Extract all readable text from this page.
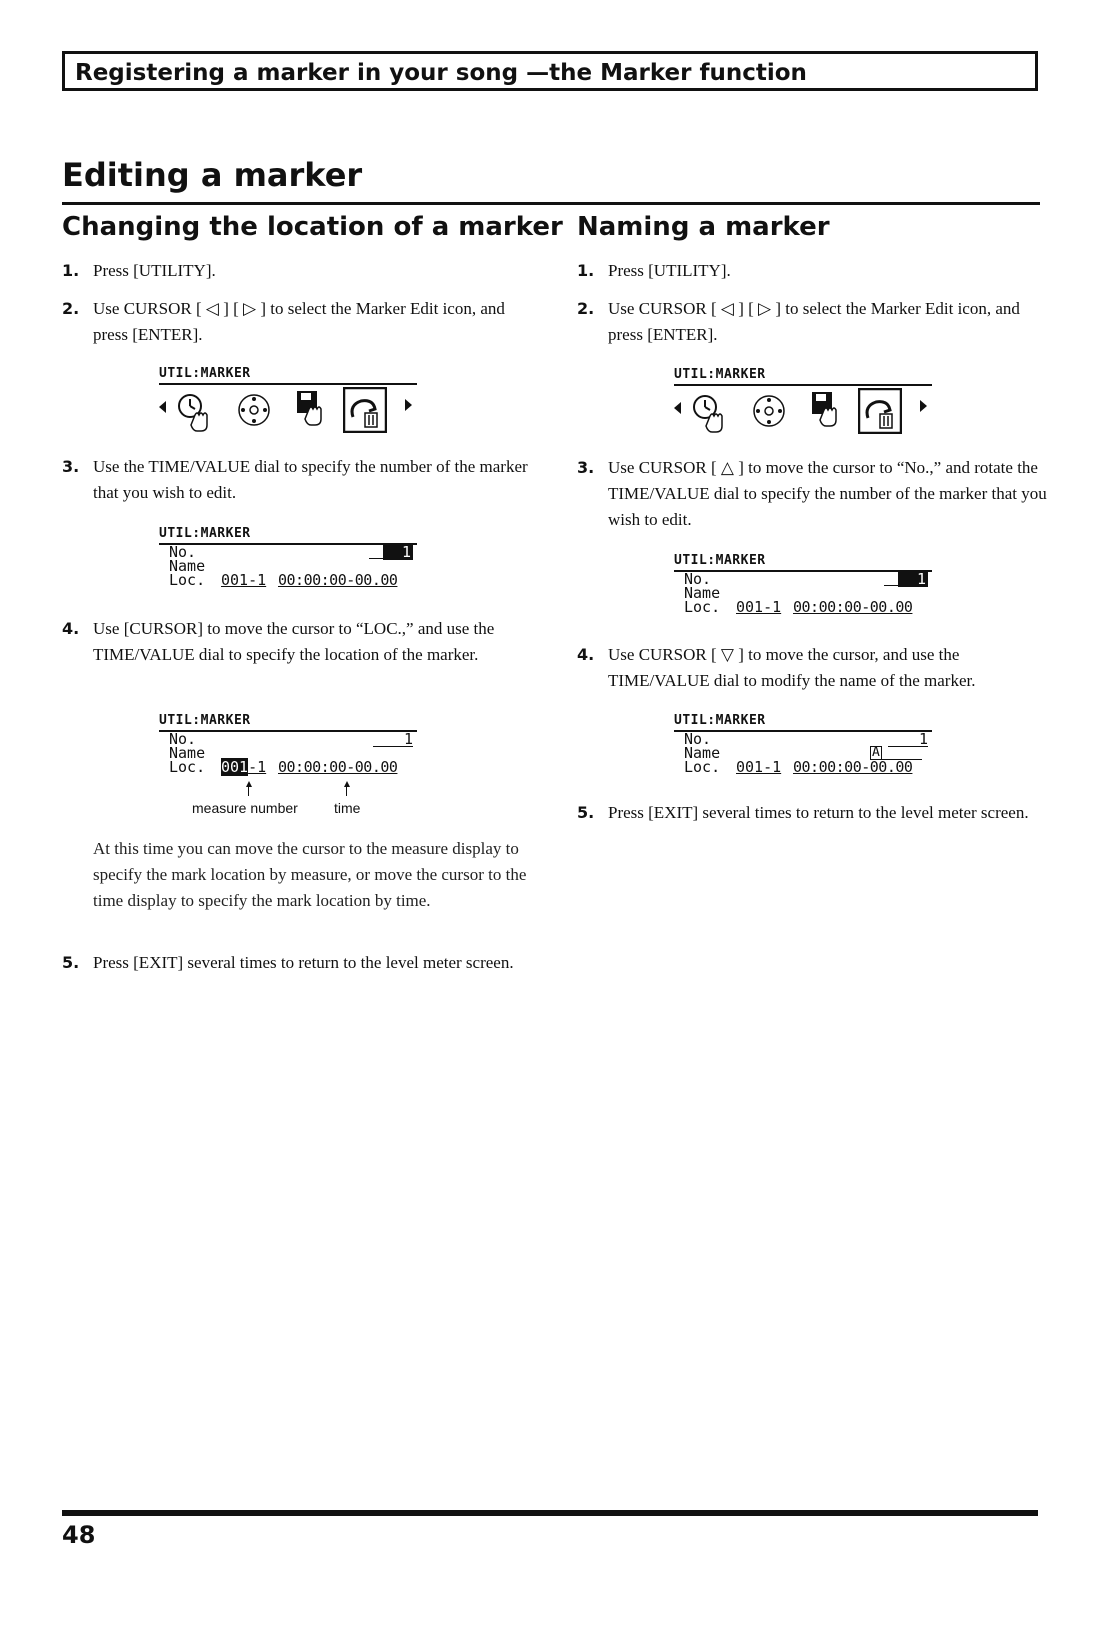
Registering a marker in your song —the Marker function
Editing a marker
Changing the location of a marker
1. Press [UTILITY].
2. Use CURSOR [ ◁ ] [ ▷ ] to select the Marker Edit icon, and press [ENTER].
UTIL:MARKER
3. Use the TIME/VALUE dial to specify the number of the marker that you wish to edit.
UTIL:MARKER
No.	1
Name
Loc. 001-1 00:00:00-00.00
4. Use [CURSOR] to move the cursor to “LOC.,” and use the TIME/VALUE dial to specify the location of the marker.
UTIL:MARKER
No.	1
Name
Loc. 001-1 00:00:00-00.00
measure number	time
At this time you can move the cursor to the measure display to specify the mark location by measure, or move the cursor to the time display to specify the mark location by time.
5. Press [EXIT] several times to return to the level meter screen.
Naming a marker
1. Press [UTILITY].
2. Use CURSOR [ ◁ ] [ ▷ ] to select the Marker Edit icon, and press [ENTER].
UTIL:MARKER
3. Use CURSOR [ △ ] to move the cursor to “No.,” and rotate the TIME/VALUE dial to specify the number of the marker that you wish to edit.
UTIL:MARKER
No.	1
Name
Loc. 001-1 00:00:00-00.00
4. Use CURSOR [ ▽ ] to move the cursor, and use the TIME/VALUE dial to modify the name of the marker.
UTIL:MARKER
No.	1
Name	A
Loc. 001-1 00:00:00-00.00
5. Press [EXIT] several times to return to the level meter screen.
48
